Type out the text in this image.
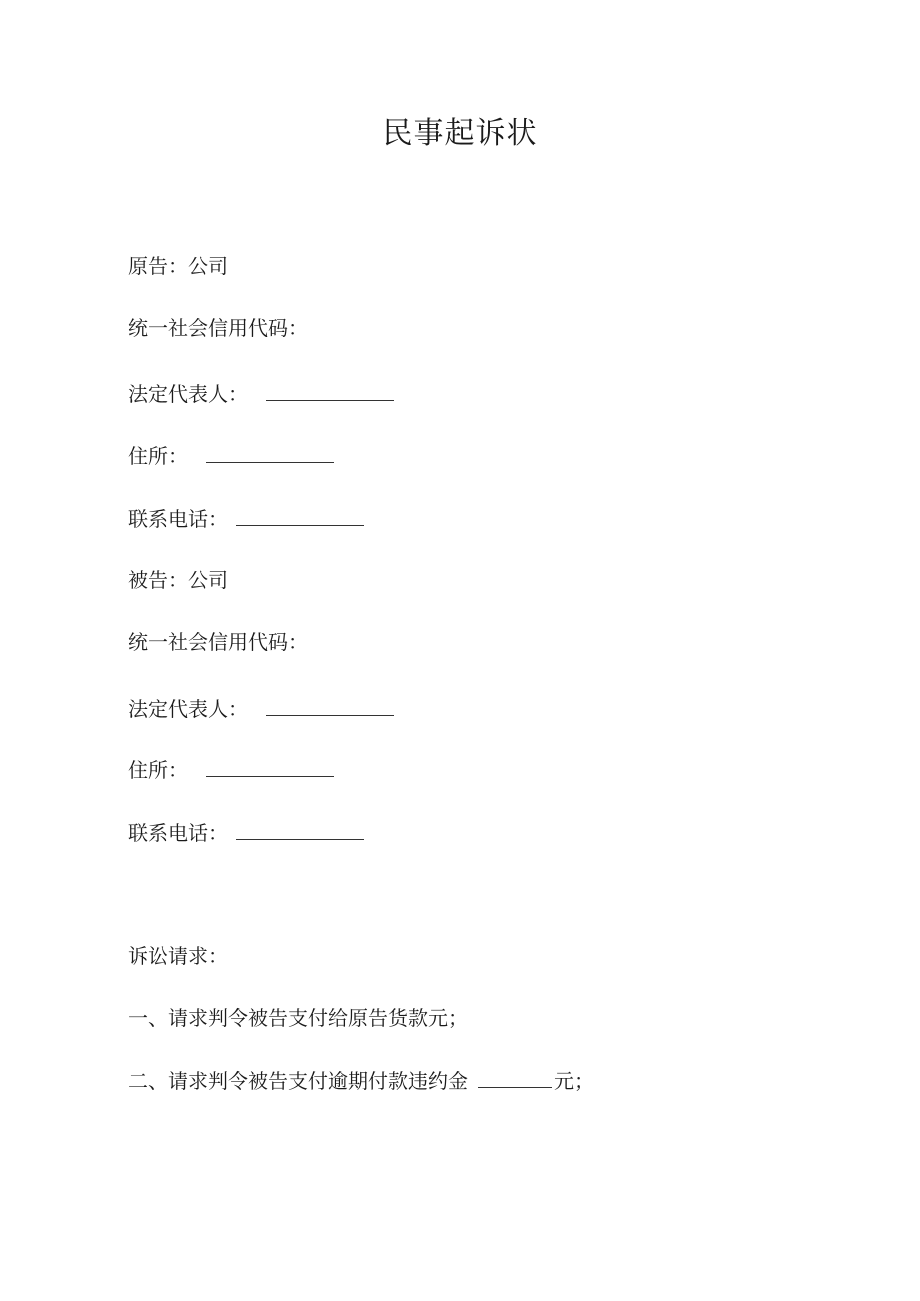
民事起诉状
原告：公司
统一社会信用代码：
法定代表人：
住所：
联系电话：
被告：公司
统一社会信用代码：
法定代表人：
住所：
联系电话：
诉讼请求：
一、请求判令被告支付给原告货款元；
二、请求判令被告支付逾期付款违约金	元；
